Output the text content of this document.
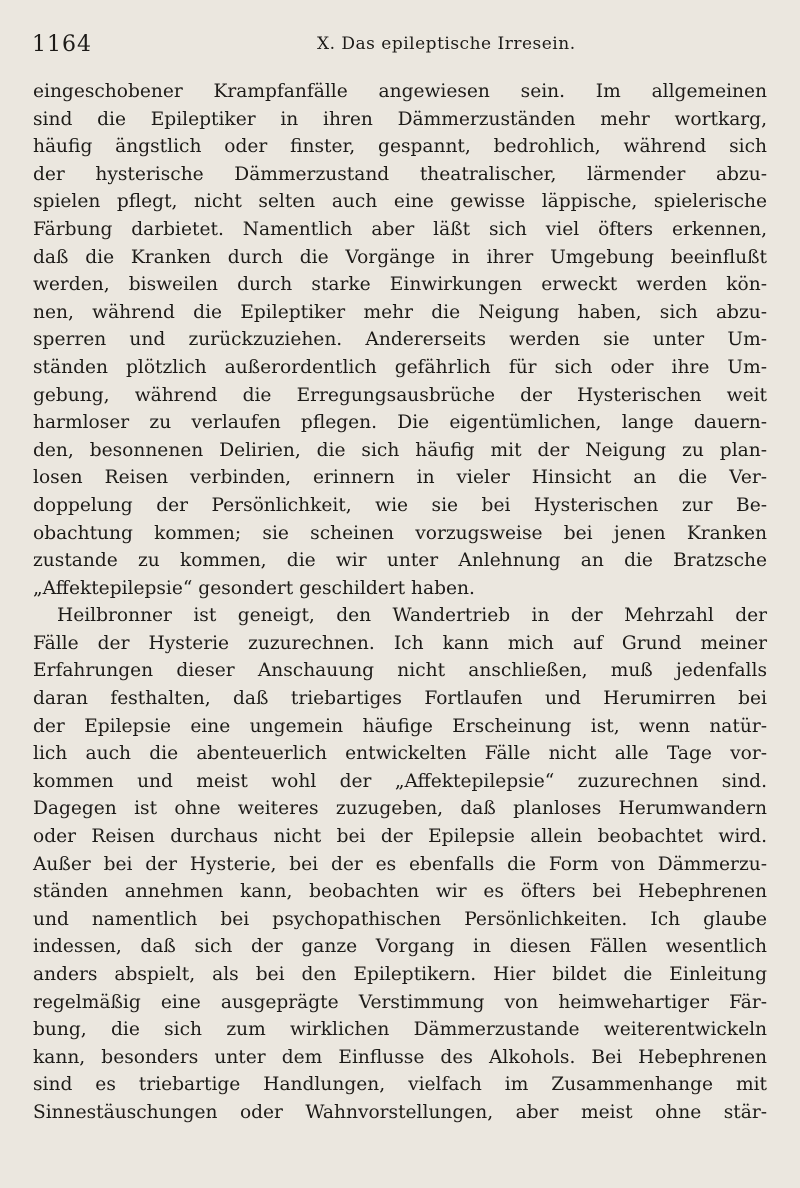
1164	X. Das epileptische Irresein.
eingeschobener Krampfanfälle angewiesen sein. Im allgemeinen
sind die Epileptiker in ihren Dämmerzuständen mehr wortkarg,
häufig ängstlich oder finster, gespannt, bedrohlich, während sich
der hysterische Dämmerzustand theatralischer, lärmender abzu-
spielen pflegt, nicht selten auch eine gewisse läppische, spielerische
Färbung darbietet. Namentlich aber läßt sich viel öfters erkennen,
daß die Kranken durch die Vorgänge in ihrer Umgebung beeinflußt
werden, bisweilen durch starke Einwirkungen erweckt werden kön-
nen, während die Epileptiker mehr die Neigung haben, sich abzu-
sperren und zurückzuziehen. Andererseits werden sie unter Um-
ständen plötzlich außerordentlich gefährlich für sich oder ihre Um-
gebung, während die Erregungsausbrüche der Hysterischen weit
harmloser zu verlaufen pflegen. Die eigentümlichen, lange dauern-
den, besonnenen Delirien, die sich häufig mit der Neigung zu plan-
losen Reisen verbinden, erinnern in vieler Hinsicht an die Ver-
doppelung der Persönlichkeit, wie sie bei Hysterischen zur Be-
obachtung kommen; sie scheinen vorzugsweise bei jenen Kranken
zustande zu kommen, die wir unter Anlehnung an die Bratzsche
„Affektepilepsie“ gesondert geschildert haben.
Heilbronner ist geneigt, den Wandertrieb in der Mehrzahl der
Fälle der Hysterie zuzurechnen. Ich kann mich auf Grund meiner
Erfahrungen dieser Anschauung nicht anschließen, muß jedenfalls
daran festhalten, daß triebartiges Fortlaufen und Herumirren bei
der Epilepsie eine ungemein häufige Erscheinung ist, wenn natür-
lich auch die abenteuerlich entwickelten Fälle nicht alle Tage vor-
kommen und meist wohl der „Affektepilepsie“ zuzurechnen sind.
Dagegen ist ohne weiteres zuzugeben, daß planloses Herumwandern
oder Reisen durchaus nicht bei der Epilepsie allein beobachtet wird.
Außer bei der Hysterie, bei der es ebenfalls die Form von Dämmerzu-
ständen annehmen kann, beobachten wir es öfters bei Hebephrenen
und namentlich bei psychopathischen Persönlichkeiten. Ich glaube
indessen, daß sich der ganze Vorgang in diesen Fällen wesentlich
anders abspielt, als bei den Epileptikern. Hier bildet die Einleitung
regelmäßig eine ausgeprägte Verstimmung von heimwehartiger Fär-
bung, die sich zum wirklichen Dämmerzustande weiterentwickeln
kann, besonders unter dem Einflusse des Alkohols. Bei Hebephrenen
sind es triebartige Handlungen, vielfach im Zusammenhange mit
Sinnestäuschungen oder Wahnvorstellungen, aber meist ohne stär-
